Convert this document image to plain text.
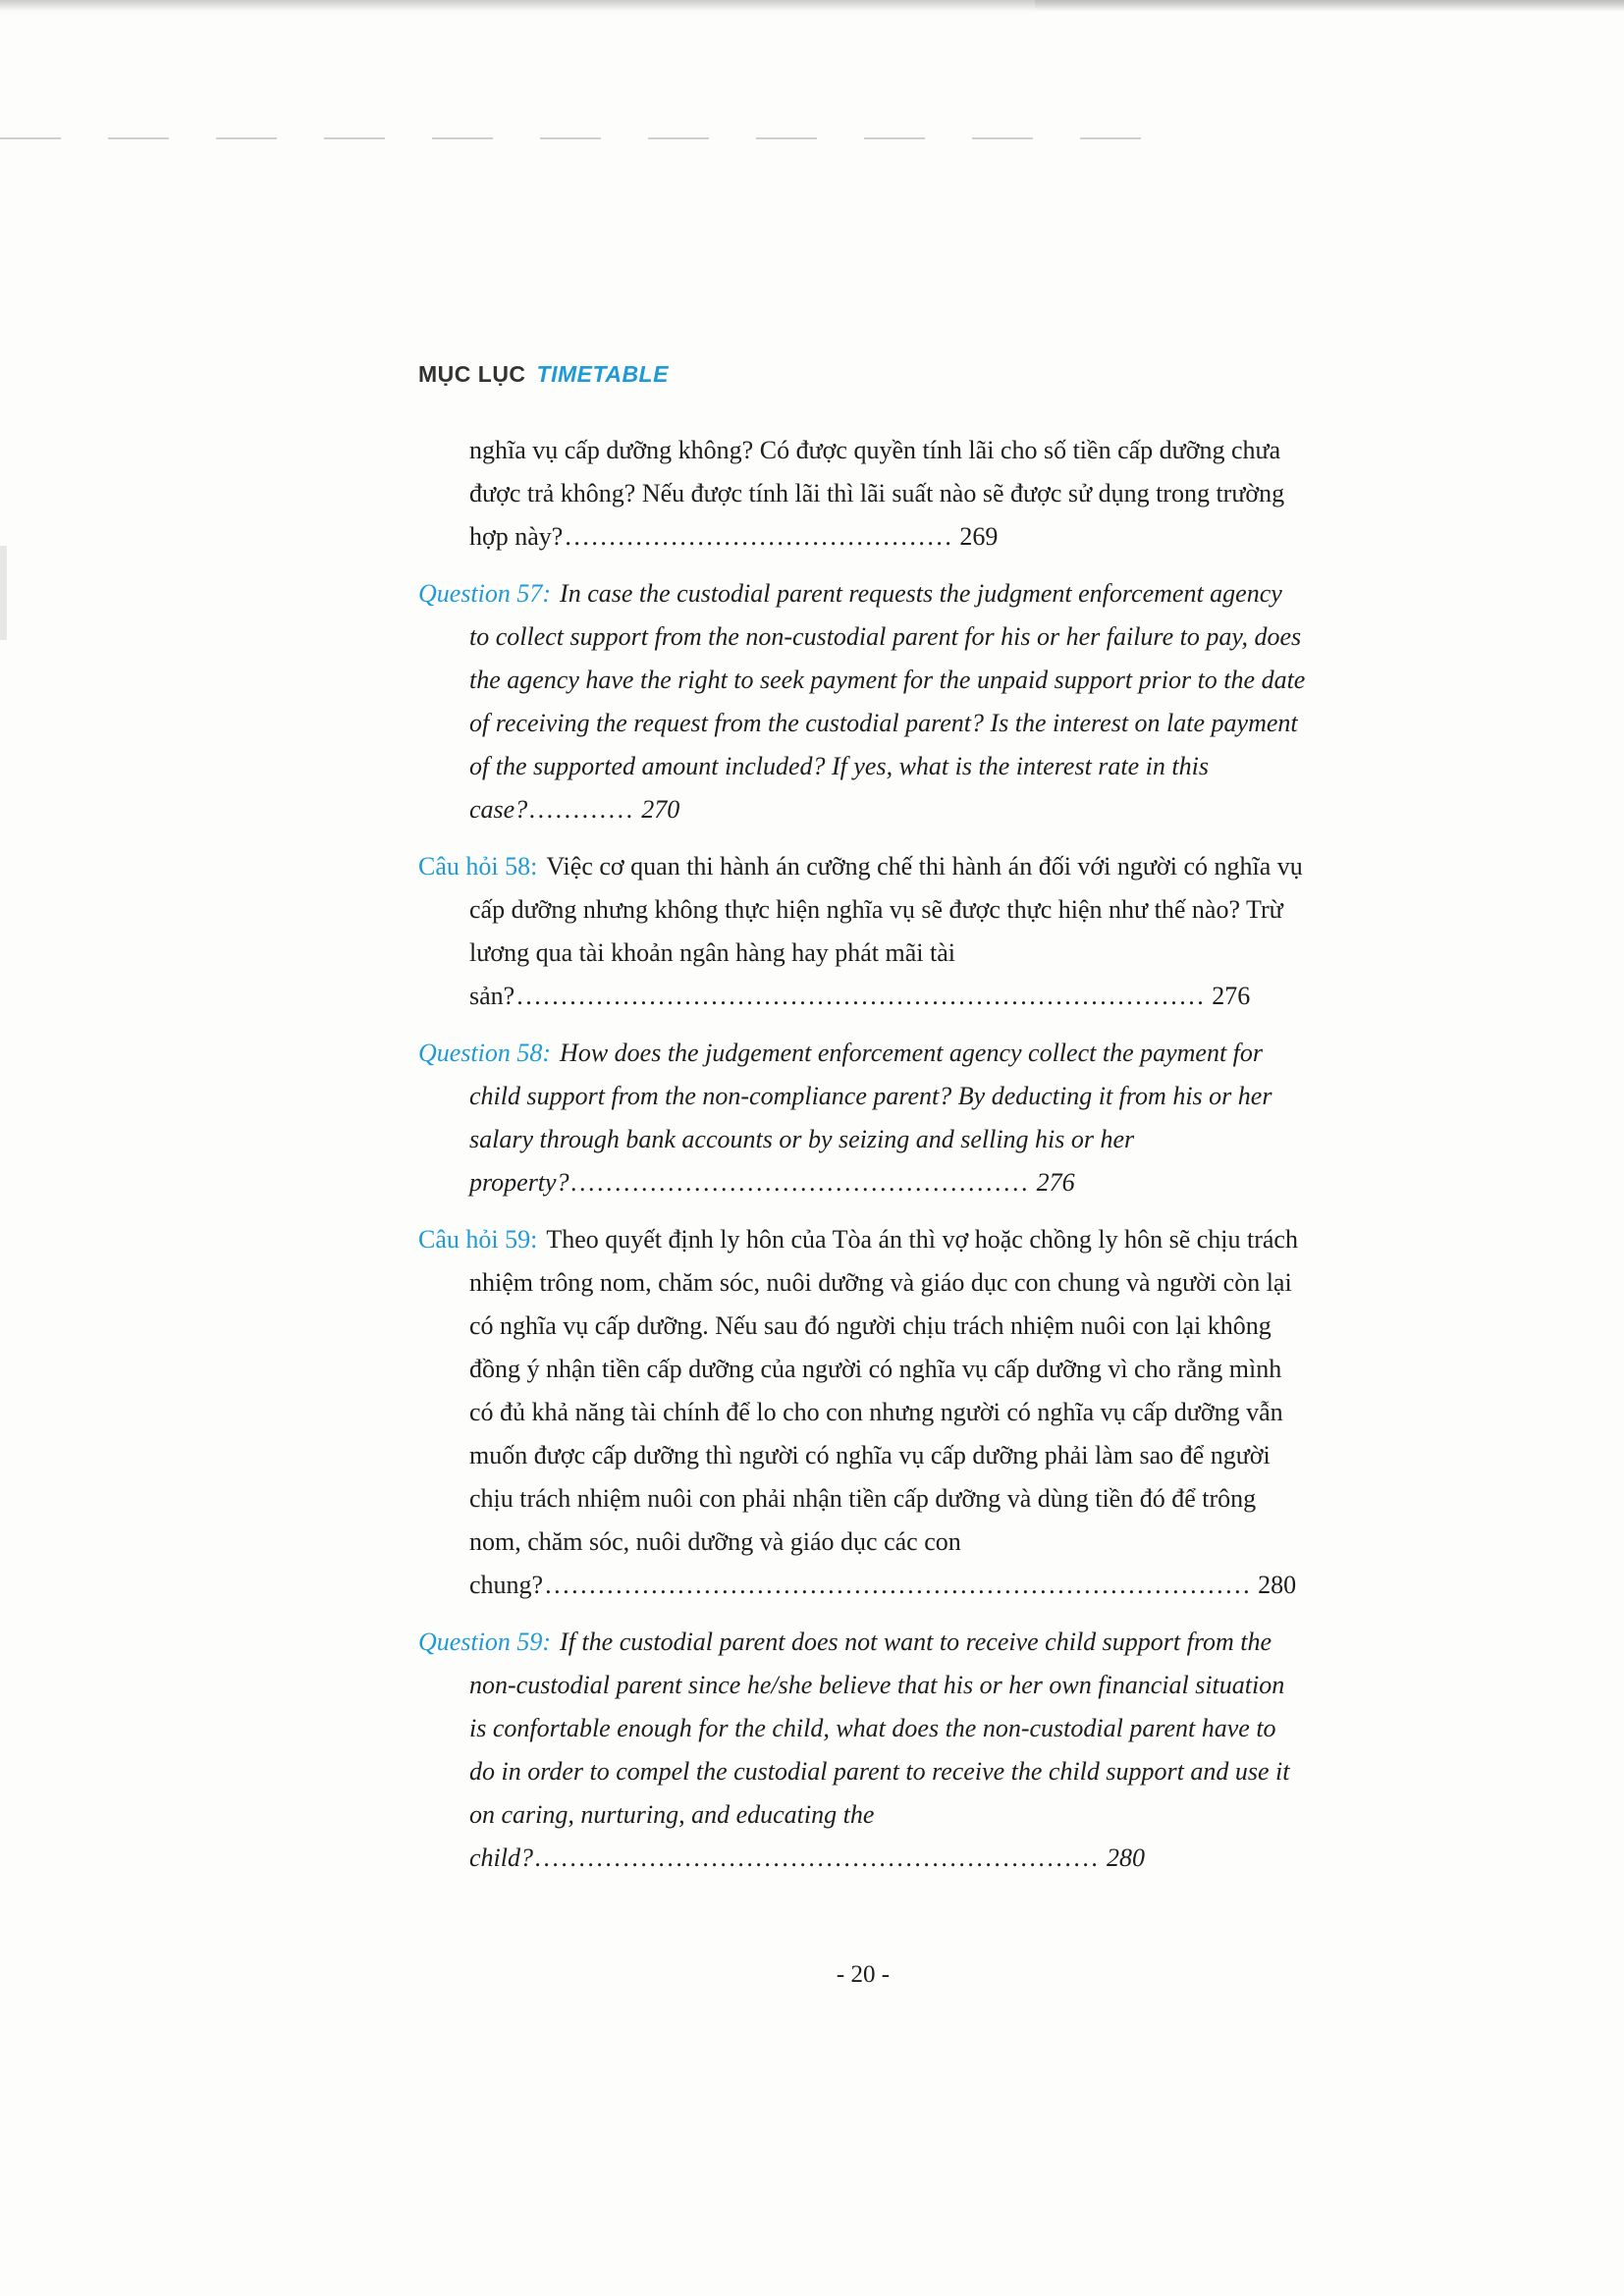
MỤC LỤC TIMETABLE

nghĩa vụ cấp dưỡng không? Có được quyền tính lãi cho số tiền cấp dưỡng chưa được trả không? Nếu được tính lãi thì lãi suất nào sẽ được sử dụng trong trường hợp này?............................................ 269

Question 57: In case the custodial parent requests the judgment enforcement agency to collect support from the non-custodial parent for his or her failure to pay, does the agency have the right to seek payment for the unpaid support prior to the date of receiving the request from the custodial parent? Is the interest on late payment of the supported amount included? If yes, what is the interest rate in this case?............ 270

Câu hỏi 58: Việc cơ quan thi hành án cưỡng chế thi hành án đối với người có nghĩa vụ cấp dưỡng nhưng không thực hiện nghĩa vụ sẽ được thực hiện như thế nào? Trừ lương qua tài khoản ngân hàng hay phát mãi tài sản?.............................................................................. 276

Question 58: How does the judgement enforcement agency collect the payment for child support from the non-compliance parent? By deducting it from his or her salary through bank accounts or by seizing and selling his or her property?.................................................... 276

Câu hỏi 59: Theo quyết định ly hôn của Tòa án thì vợ hoặc chồng ly hôn sẽ chịu trách nhiệm trông nom, chăm sóc, nuôi dưỡng và giáo dục con chung và người còn lại có nghĩa vụ cấp dưỡng. Nếu sau đó người chịu trách nhiệm nuôi con lại không đồng ý nhận tiền cấp dưỡng của người có nghĩa vụ cấp dưỡng vì cho rằng mình có đủ khả năng tài chính để lo cho con nhưng người có nghĩa vụ cấp dưỡng vẫn muốn được cấp dưỡng thì người có nghĩa vụ cấp dưỡng phải làm sao để người chịu trách nhiệm nuôi con phải nhận tiền cấp dưỡng và dùng tiền đó để trông nom, chăm sóc, nuôi dưỡng và giáo dục các con chung?................................................................................ 280

Question 59: If the custodial parent does not want to receive child support from the non-custodial parent since he/she believe that his or her own financial situation is confortable enough for the child, what does the non-custodial parent have to do in order to compel the custodial parent to receive the child support and use it on caring, nurturing, and educating the child?................................................................ 280

- 20 -
